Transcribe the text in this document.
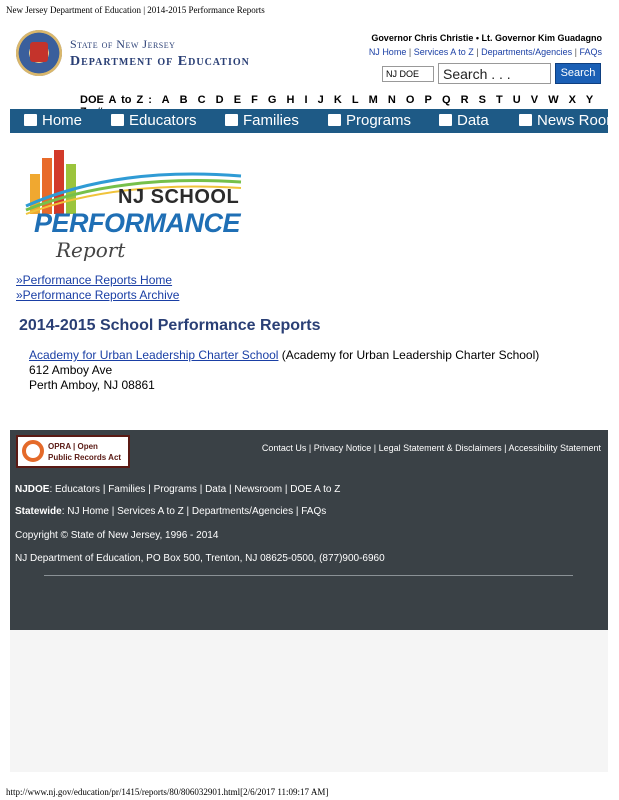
New Jersey Department of Education | 2014-2015 Performance Reports
State of New Jersey
Department of Education
Governor Chris Christie • Lt. Governor Kim Guadagno
NJ Home | Services A to Z | Departments/Agencies | FAQs
NJ DOE	Search . . .	Search
DOE A to Z : A B C D E F G H I J K L M N O P Q R S T U V W X Y
Home	Educators	Families	Programs	Data	News Room
NJ SCHOOL
PERFORMANCE
Report
»Performance Reports Home
»Performance Reports Archive
2014-2015 School Performance Reports
Academy for Urban Leadership Charter School (Academy for Urban Leadership Charter School)
612 Amboy Ave
Perth Amboy, NJ 08861
OPRA | Open
Public Records Act
Contact Us | Privacy Notice | Legal Statement & Disclaimers | Accessibility Statement
NJDOE: Educators | Families | Programs | Data | Newsroom | DOE A to Z
Statewide: NJ Home | Services A to Z | Departments/Agencies | FAQs
Copyright © State of New Jersey, 1996 - 2014
NJ Department of Education, PO Box 500, Trenton, NJ 08625-0500, (877)900-6960
http://www.nj.gov/education/pr/1415/reports/80/806032901.html[2/6/2017 11:09:17 AM]
